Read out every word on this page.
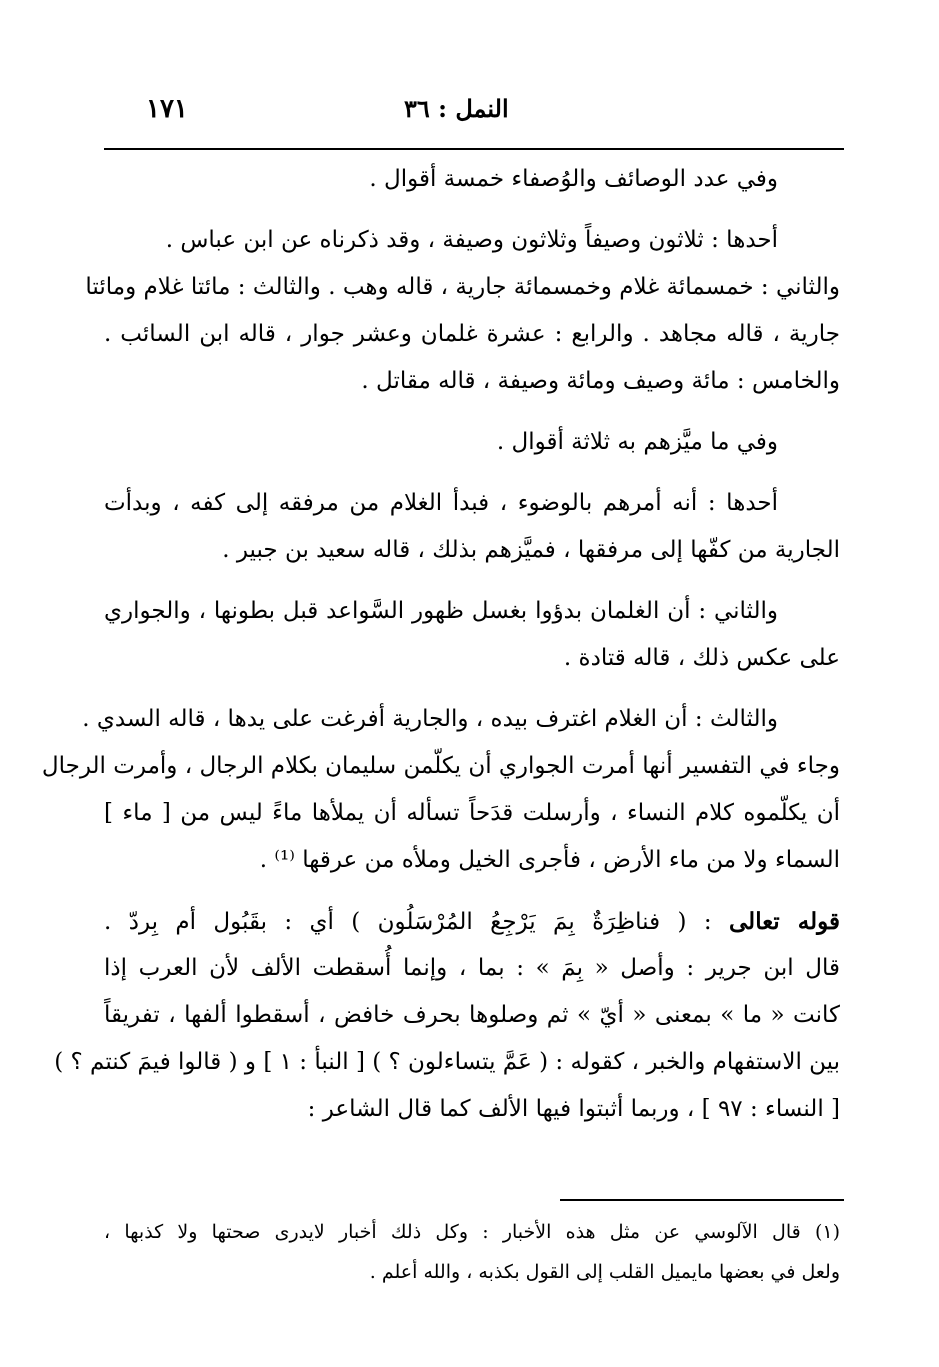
١٧١	النمل : ٣٦
وفي عدد الوصائف والوُصفاء خمسة أقوال .
أحدها : ثلاثون وصيفاً وثلاثون وصيفة ، وقد ذكرناه عن ابن عباس .
والثاني : خمسمائة غلام وخمسمائة جارية ، قاله وهب . والثالث : مائتا غلام ومائتا
جارية ، قاله مجاهد . والرابع : عشرة غلمان وعشر جوار ، قاله ابن السائب .
والخامس : مائة وصيف ومائة وصيفة ، قاله مقاتل .
وفي ما ميَّزهم به ثلاثة أقوال .
أحدها : أنه أمرهم بالوضوء ، فبدأ الغلام من مرفقه إلى كفه ، وبدأت
الجارية من كفّها إلى مرفقها ، فميَّزهم بذلك ، قاله سعيد بن جبير .
والثاني : أن الغلمان بدؤوا بغسل ظهور السَّواعد قبل بطونها ، والجواري
على عكس ذلك ، قاله قتادة .
والثالث : أن الغلام اغترف بيده ، والجارية أفرغت على يدها ، قاله السدي .
وجاء في التفسير أنها أمرت الجواري أن يكلّمن سليمان بكلام الرجال ، وأمرت الرجال
أن يكلّموه كلام النساء ، وأرسلت قدَحاً تسأله أن يملأها ماءً ليس من [ ماء ]
السماء ولا من ماء الأرض ، فأجرى الخيل وملأه من عرقها ⁽¹⁾ .
قوله تعالى : ( فناظِرَةٌ بِمَ يَرْجِعُ المُرْسَلُون ) أي : بقَبُول أم بِردّ .
قال ابن جرير : وأصل « بِمَ » : بما ، وإنما أُسقطت الألف لأن العرب إذا
كانت « ما » بمعنى « أيّ » ثم وصلوها بحرف خافض ، أسقطوا ألفها ، تفريقاً
بين الاستفهام والخبر ، كقوله : ( عَمَّ يتساءلون ؟ ) [ النبأ : ١ ] و ( قالوا فيمَ كنتم ؟ )
[ النساء : ٩٧ ] ، وربما أثبتوا فيها الألف كما قال الشاعر :
(١) قال الآلوسي عن مثل هذه الأخبار : وكل ذلك أخبار لايدرى صحتها ولا كذبها ،
ولعل في بعضها مايميل القلب إلى القول بكذبه ، والله أعلم .
